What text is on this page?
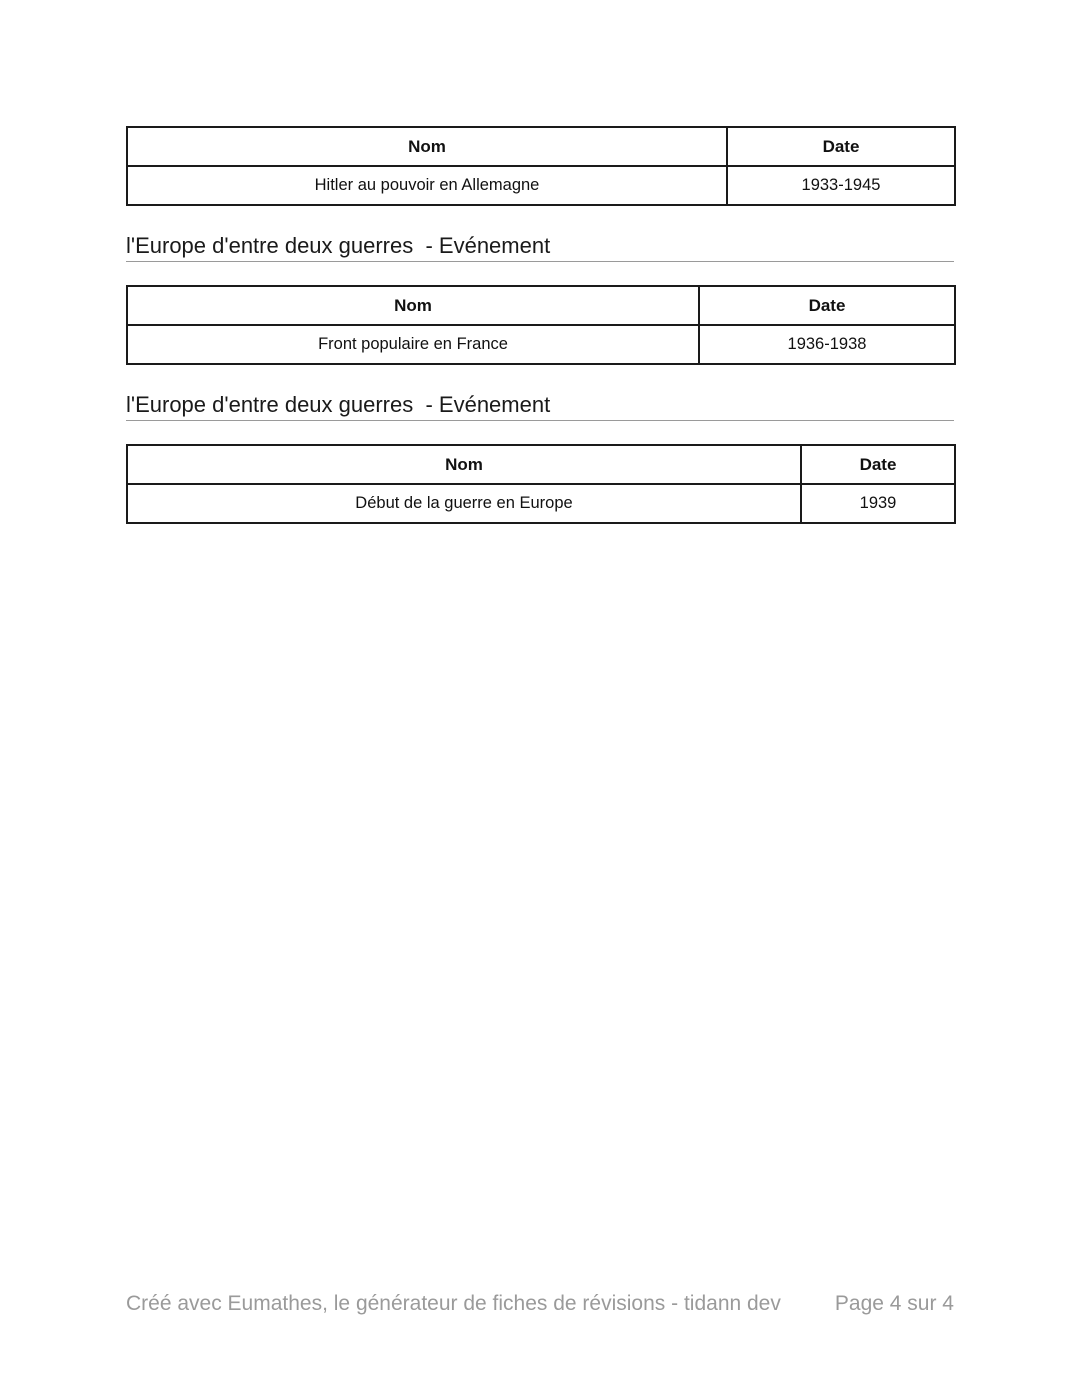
Nom	Date
Hitler au pouvoir en Allemagne	1933-1945
l'Europe d'entre deux guerres  - Evénement
Nom	Date
Front populaire en France	1936-1938
l'Europe d'entre deux guerres  - Evénement
Nom	Date
Début de la guerre en Europe	1939
Créé avec Eumathes, le générateur de fiches de révisions - tidann dev	Page 4 sur 4
